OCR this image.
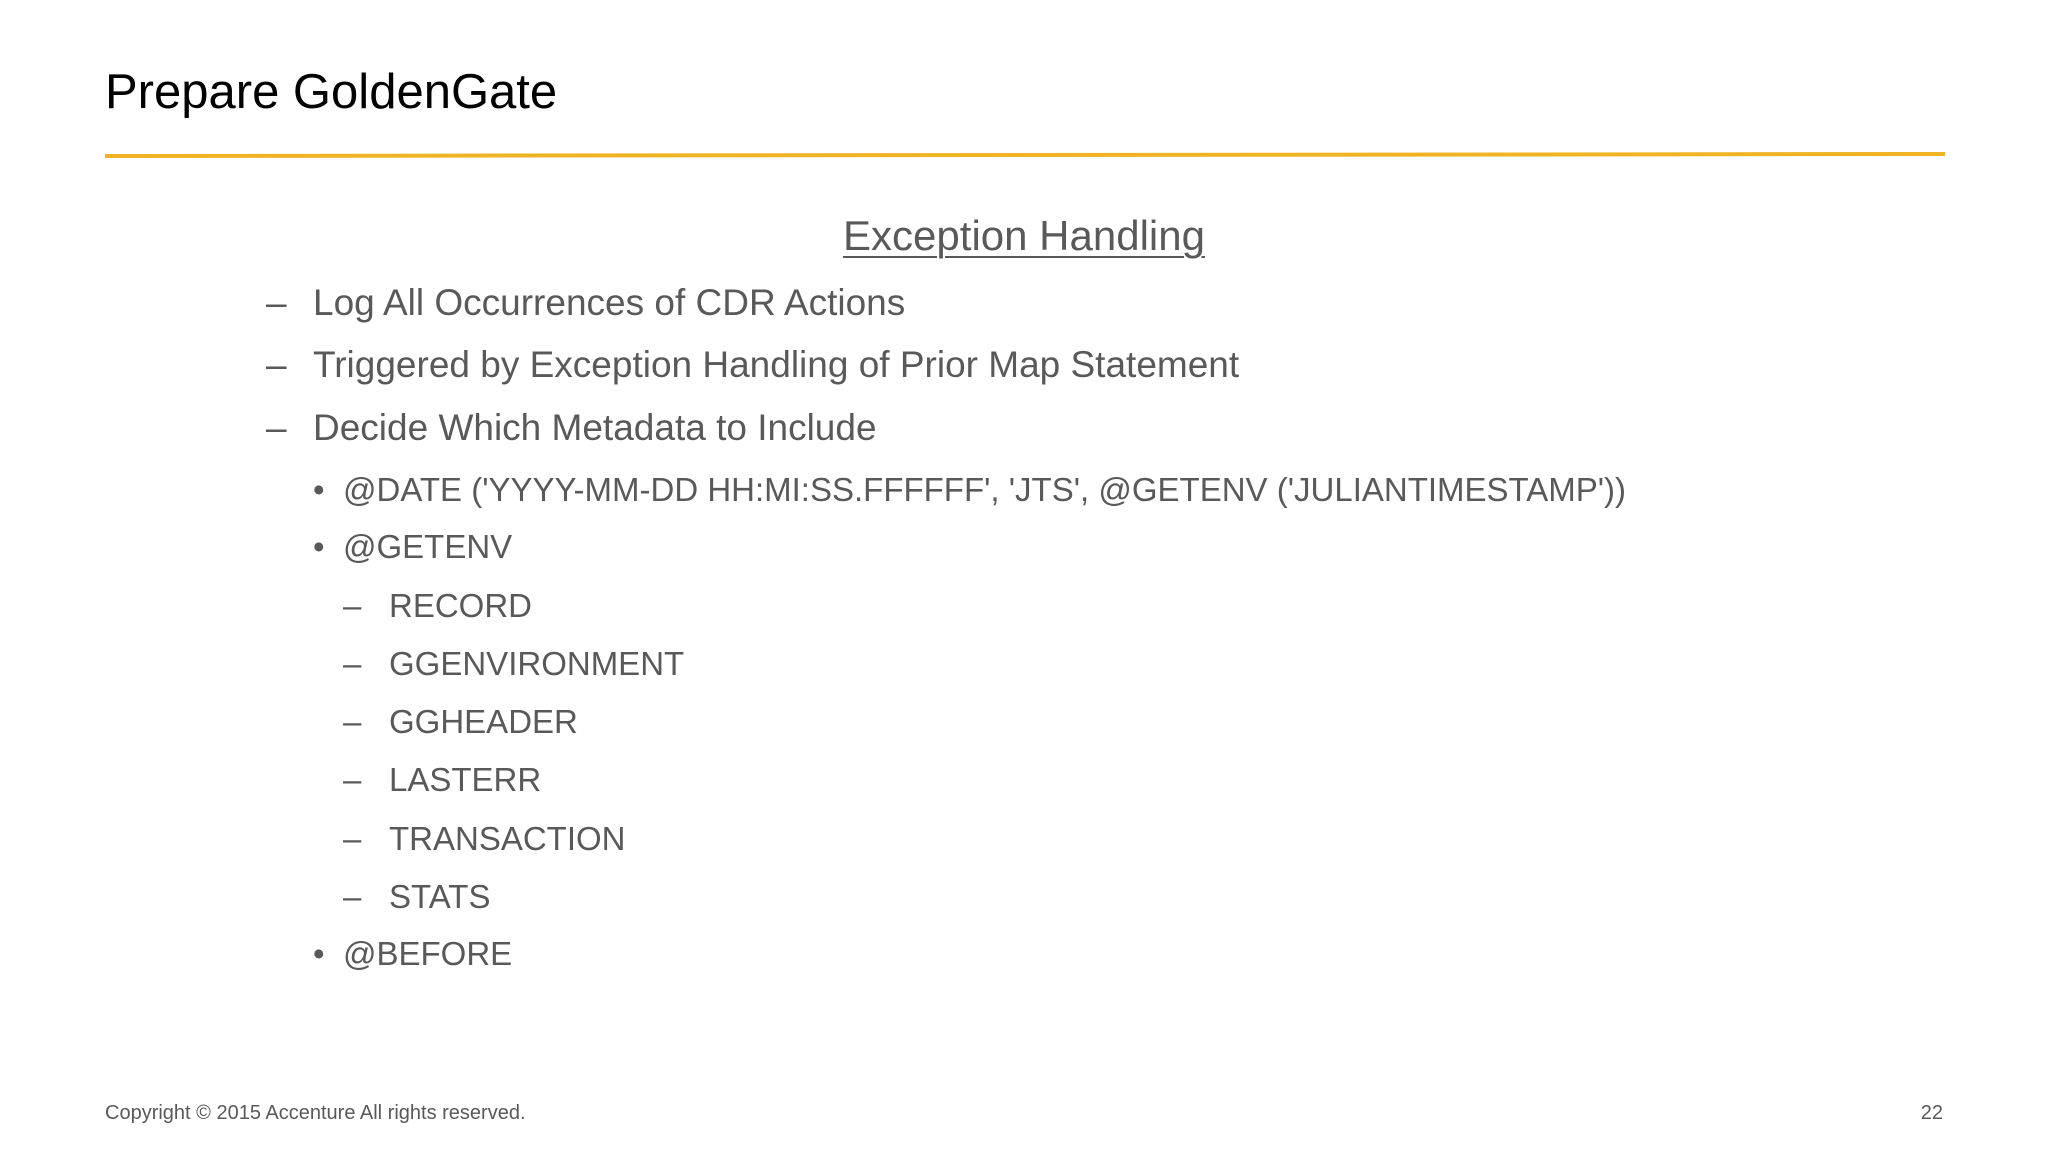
Prepare GoldenGate
Exception Handling
– Log All Occurrences of CDR Actions
– Triggered by Exception Handling of Prior Map Statement
– Decide Which Metadata to Include
• @DATE ('YYYY-MM-DD HH:MI:SS.FFFFFF', 'JTS', @GETENV ('JULIANTIMESTAMP'))
• @GETENV
– RECORD
– GGENVIRONMENT
– GGHEADER
– LASTERR
– TRANSACTION
– STATS
• @BEFORE
Copyright © 2015 Accenture All rights reserved.	22
